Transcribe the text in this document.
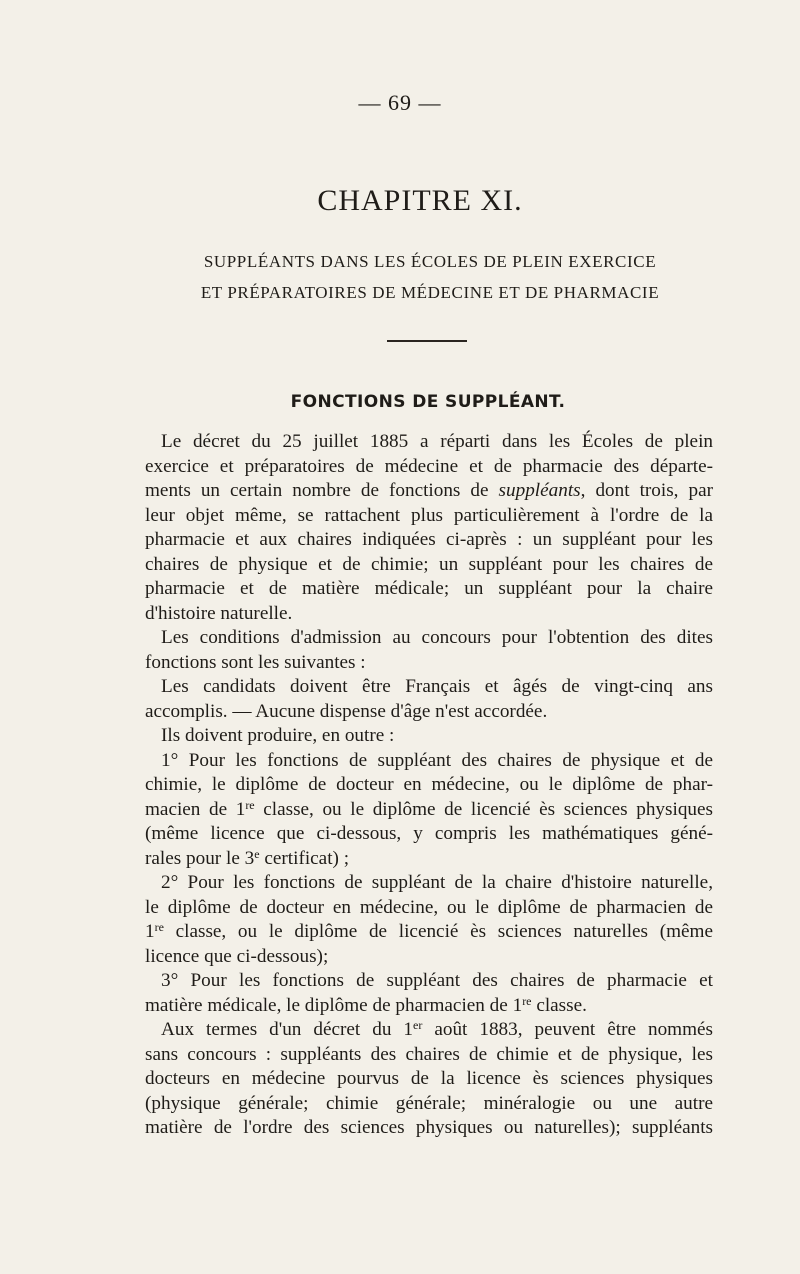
— 69 —
CHAPITRE XI.
SUPPLÉANTS DANS LES ÉCOLES DE PLEIN EXERCICE
ET PRÉPARATOIRES DE MÉDECINE ET DE PHARMACIE
FONCTIONS DE SUPPLÉANT.
Le décret du 25 juillet 1885 a réparti dans les Écoles de plein
exercice et préparatoires de médecine et de pharmacie des départe-
ments un certain nombre de fonctions de suppléants, dont trois, par
leur objet même, se rattachent plus particulièrement à l'ordre de la
pharmacie et aux chaires indiquées ci-après : un suppléant pour les
chaires de physique et de chimie; un suppléant pour les chaires de
pharmacie et de matière médicale; un suppléant pour la chaire
d'histoire naturelle.
Les conditions d'admission au concours pour l'obtention des dites
fonctions sont les suivantes :
Les candidats doivent être Français et âgés de vingt-cinq ans
accomplis. — Aucune dispense d'âge n'est accordée.
Ils doivent produire, en outre :
1° Pour les fonctions de suppléant des chaires de physique et de
chimie, le diplôme de docteur en médecine, ou le diplôme de phar-
macien de 1re classe, ou le diplôme de licencié ès sciences physiques
(même licence que ci-dessous, y compris les mathématiques géné-
rales pour le 3e certificat) ;
2° Pour les fonctions de suppléant de la chaire d'histoire naturelle,
le diplôme de docteur en médecine, ou le diplôme de pharmacien de
1re classe, ou le diplôme de licencié ès sciences naturelles (même
licence que ci-dessous);
3° Pour les fonctions de suppléant des chaires de pharmacie et
matière médicale, le diplôme de pharmacien de 1re classe.
Aux termes d'un décret du 1er août 1883, peuvent être nommés
sans concours : suppléants des chaires de chimie et de physique, les
docteurs en médecine pourvus de la licence ès sciences physiques
(physique générale; chimie générale; minéralogie ou une autre
matière de l'ordre des sciences physiques ou naturelles); suppléants
